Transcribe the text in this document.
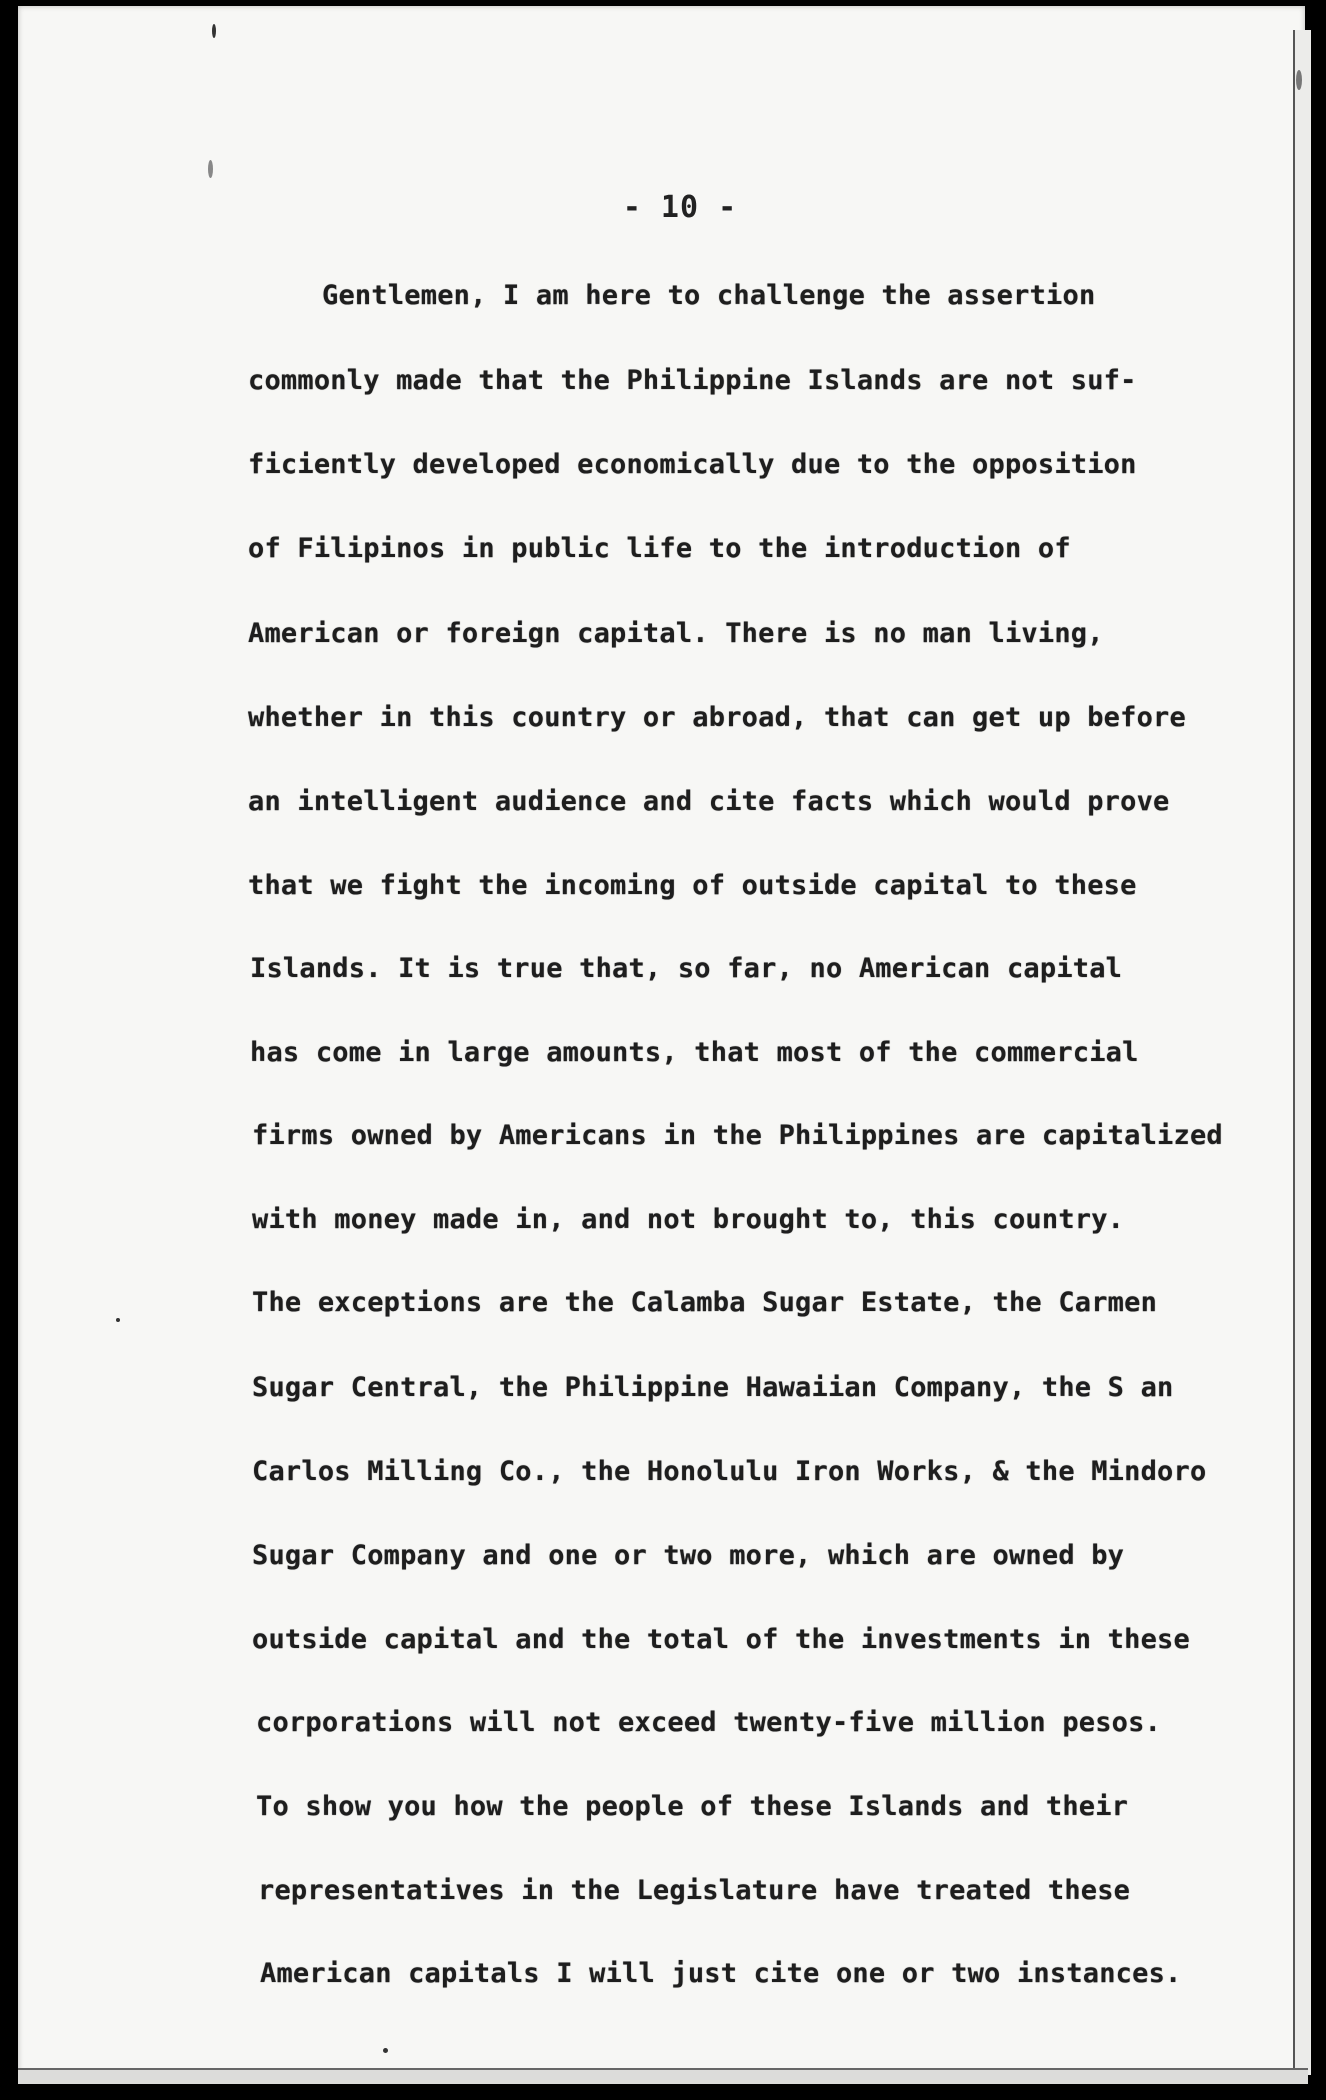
- 10 -
Gentlemen, I am here to challenge the assertion
commonly made that the Philippine Islands are not suf-
ficiently developed economically due to the opposition
of Filipinos in public life to the introduction of
American or foreign capital. There is no man living,
whether in this country or abroad, that can get up before
an intelligent audience and cite facts which would prove
that we fight the incoming of outside capital to these
Islands. It is true that, so far, no American capital
has come in large amounts, that most of the commercial
firms owned by Americans in the Philippines are capitalized
with money made in, and not brought to, this country.
The exceptions are the Calamba Sugar Estate, the Carmen
Sugar Central, the Philippine Hawaiian Company, the S an
Carlos Milling Co., the Honolulu Iron Works, & the Mindoro
Sugar Company and one or two more, which are owned by
outside capital and the total of the investments in these
corporations will not exceed twenty-five million pesos.
To show you how the people of these Islands and their
representatives in the Legislature have treated these
American capitals I will just cite one or two instances.
